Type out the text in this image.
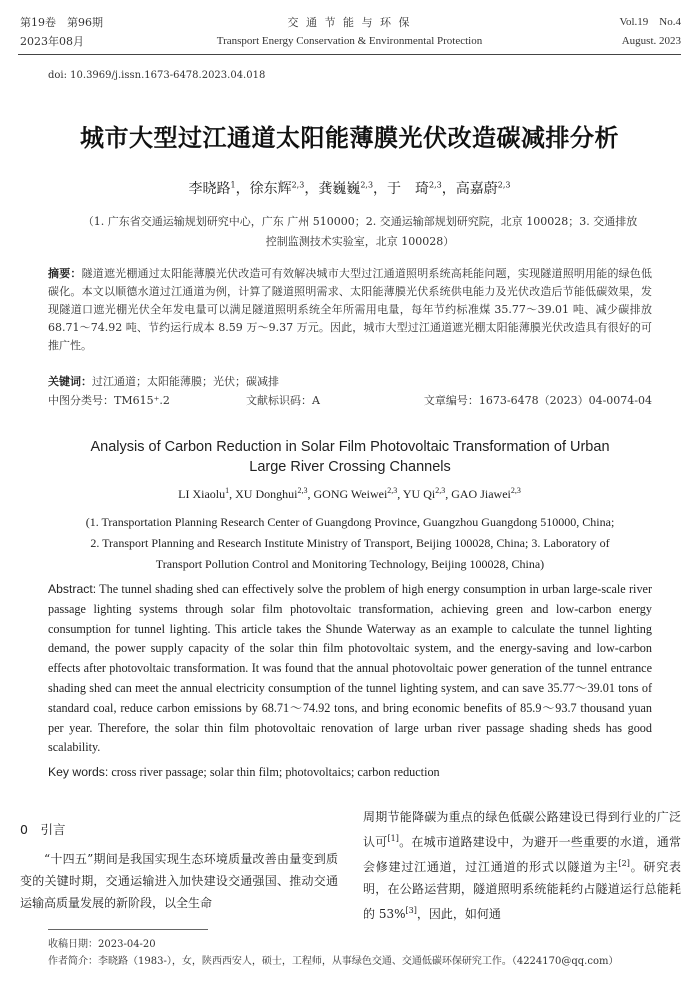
第19卷　第96期
2023年08月
交 通 节 能 与 环 保
Transport Energy Conservation & Environmental Protection
Vol.19　No.4
August. 2023
doi: 10.3969/j.issn.1673-6478.2023.04.018
城市大型过江通道太阳能薄膜光伏改造碳减排分析
李晓路$^1$，徐东辉$^{2,3}$，龚巍巍$^{2,3}$，于　琦$^{2,3}$，高嘉蔚$^{2,3}$
（1. 广东省交通运输规划研究中心，广东 广州 510000；2. 交通运输部规划研究院，北京 100028；3. 交通排放控制监测技术实验室，北京 100028）
摘要：隧道遮光棚通过太阳能薄膜光伏改造可有效解决城市大型过江通道照明系统高耗能问题，实现隧道照明用能的绿色低碳化。本文以顺德水道过江通道为例，计算了隧道照明需求、太阳能薄膜光伏系统供电能力及光伏改造后节能低碳效果，发现隧道口遮光棚光伏全年发电量可以满足隧道照明系统全年所需用电量，每年节约标准煤 35.77～39.01 吨、减少碳排放 68.71～74.92 吨、节约运行成本 8.59 万～9.37 万元。因此，城市大型过江通道遮光棚太阳能薄膜光伏改造具有很好的可推广性。
关键词：过江通道；太阳能薄膜；光伏；碳减排
中图分类号：TM615⁺.2	文献标识码：A	文章编号：1673-6478（2023）04-0074-04
Analysis of Carbon Reduction in Solar Film Photovoltaic Transformation of Urban
Large River Crossing Channels
LI Xiaolu$^1$, XU Donghui$^{2,3}$, GONG Weiwei$^{2,3}$, YU Qi$^{2,3}$, GAO Jiawei$^{2,3}$
(1. Transportation Planning Research Center of Guangdong Province, Guangzhou Guangdong 510000, China;
2. Transport Planning and Research Institute Ministry of Transport, Beijing 100028, China; 3. Laboratory of
Transport Pollution Control and Monitoring Technology, Beijing 100028, China)
Abstract: The tunnel shading shed can effectively solve the problem of high energy consumption in urban large-scale river passage lighting systems through solar film photovoltaic transformation, achieving green and low-carbon energy consumption for tunnel lighting. This article takes the Shunde Waterway as an example to calculate the tunnel lighting demand, the power supply capacity of the solar thin film photovoltaic system, and the energy-saving and low-carbon effects after photovoltaic transformation. It was found that the annual photovoltaic power generation of the tunnel entrance shading shed can meet the annual electricity consumption of the tunnel lighting system, and can save 35.77～39.01 tons of standard coal, reduce carbon emissions by 68.71～74.92 tons, and bring economic benefits of 85.9～93.7 thousand yuan per year. Therefore, the solar thin film photovoltaic renovation of large urban river passage shading sheds has good scalability.
Key words: cross river passage; solar thin film; photovoltaics; carbon reduction
0　引言

“十四五”期间是我国实现生态环境质量改善由量变到质变的关键时期，交通运输进入加快建设交通强国、推动交通运输高质量发展的新阶段，以全生命

周期节能降碳为重点的绿色低碳公路建设已得到行业的广泛认可[1]。在城市道路建设中，为避开一些重要的水道，通常会修建过江通道，过江通道的形式以隧道为主[2]。研究表明，在公路运营期，隧道照明系统能耗约占隧道运行总能耗的 53%[3]，因此，如何通

收稿日期：2023-04-20
作者简介：李晓路（1983-），女，陕西西安人，硕士，工程师，从事绿色交通、交通低碳环保研究工作。（4224170@qq.com）
